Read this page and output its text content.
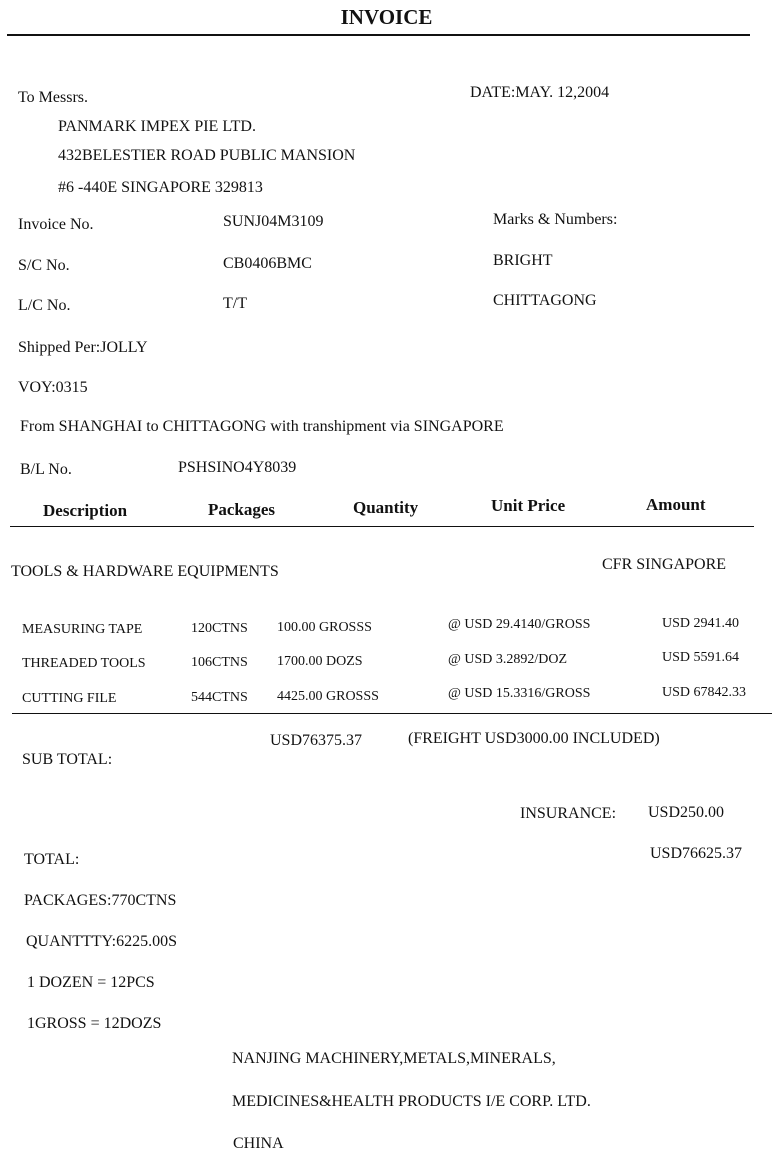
INVOICE
To Messrs.	DATE:MAY. 12,2004
PANMARK IMPEX PIE LTD.
432BELESTIER ROAD PUBLIC MANSION
#6 -440E SINGAPORE 329813
Invoice No.	SUNJ04M3109	Marks & Numbers:
S/C No.	CB0406BMC	BRIGHT
L/C No.	T/T	CHITTAGONG
Shipped Per:JOLLY
VOY:0315
From SHANGHAI to CHITTAGONG with transhipment via SINGAPORE
B/L No.	PSHSINO4Y8039
Description	Packages	Quantity	Unit Price	Amount
TOOLS & HARDWARE EQUIPMENTS	CFR SINGAPORE
MEASURING TAPE	120CTNS 100.00 GROSSS	@ USD 29.4140/GROSS	USD 2941.40
THREADED TOOLS	106CTNS 1700.00 DOZS	@ USD 3.2892/DOZ	USD 5591.64
CUTTING FILE	544CTNS 4425.00 GROSSS	@ USD 15.3316/GROSS	USD 67842.33
SUB TOTAL:
USD76375.37	(FREIGHT USD3000.00 INCLUDED)
INSURANCE: USD250.00
TOTAL:	USD76625.37
PACKAGES:770CTNS
QUANTTTY:6225.00S
1 DOZEN = 12PCS
1GROSS = 12DOZS
NANJING MACHINERY,METALS,MINERALS,
MEDICINES&HEALTH PRODUCTS I/E CORP. LTD.
CHINA
